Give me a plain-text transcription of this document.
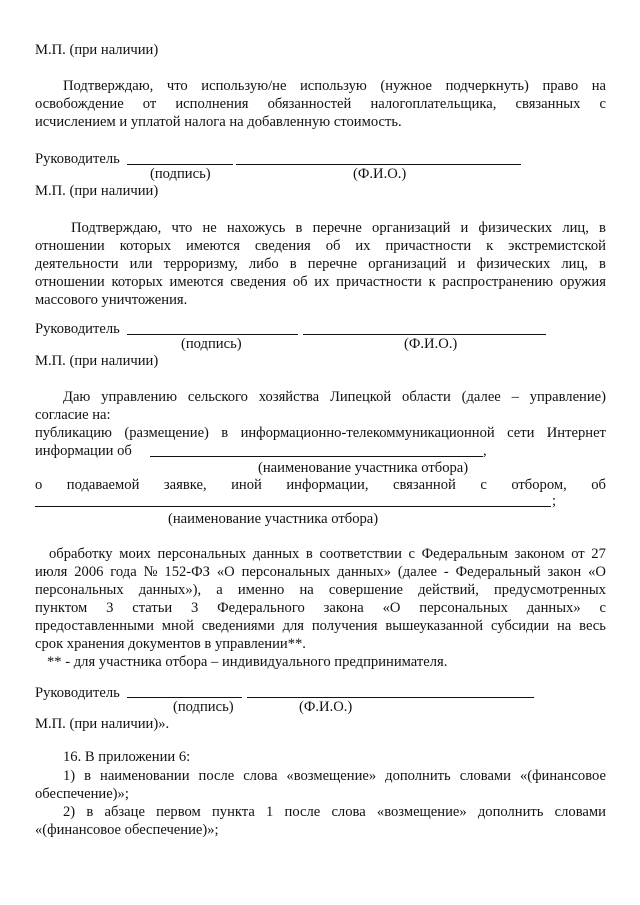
М.П. (при наличии)
Подтверждаю, что использую/не использую (нужное подчеркнуть) право на
освобождение от исполнения обязанностей налогоплательщика, связанных с
исчислением и уплатой налога на добавленную стоимость.
Руководитель
(подпись)	(Ф.И.О.)
М.П. (при наличии)
Подтверждаю, что не нахожусь в перечне организаций и физических лиц, в
отношении которых имеются сведения об их причастности к экстремистской
деятельности или терроризму, либо в перечне организаций и физических лиц, в
отношении которых имеются сведения об их причастности к распространению оружия
массового уничтожения.
Руководитель
(подпись)	(Ф.И.О.)
М.П. (при наличии)
Даю управлению сельского хозяйства Липецкой области (далее – управление)
согласие на:
публикацию (размещение) в информационно-телекоммуникационной сети Интернет
информации об	,
(наименование участника отбора)
о подаваемой заявке, иной информации, связанной с отбором, об
;
(наименование участника отбора)
обработку моих персональных данных в соответствии с Федеральным законом от 27
июля 2006 года № 152-ФЗ «О персональных данных» (далее - Федеральный закон «О
персональных данных»), а именно на совершение действий, предусмотренных
пунктом 3 статьи 3 Федерального закона «О персональных данных» с
предоставленными мной сведениями для получения вышеуказанной субсидии на весь
срок хранения документов в управлении**.
** - для участника отбора – индивидуального предпринимателя.
Руководитель
(подпись)	(Ф.И.О.)
М.П. (при наличии)».
16. В приложении 6:
1) в наименовании после слова «возмещение» дополнить словами «(финансовое
обеспечение)»;
2) в абзаце первом пункта 1 после слова «возмещение» дополнить словами
«(финансовое обеспечение)»;
